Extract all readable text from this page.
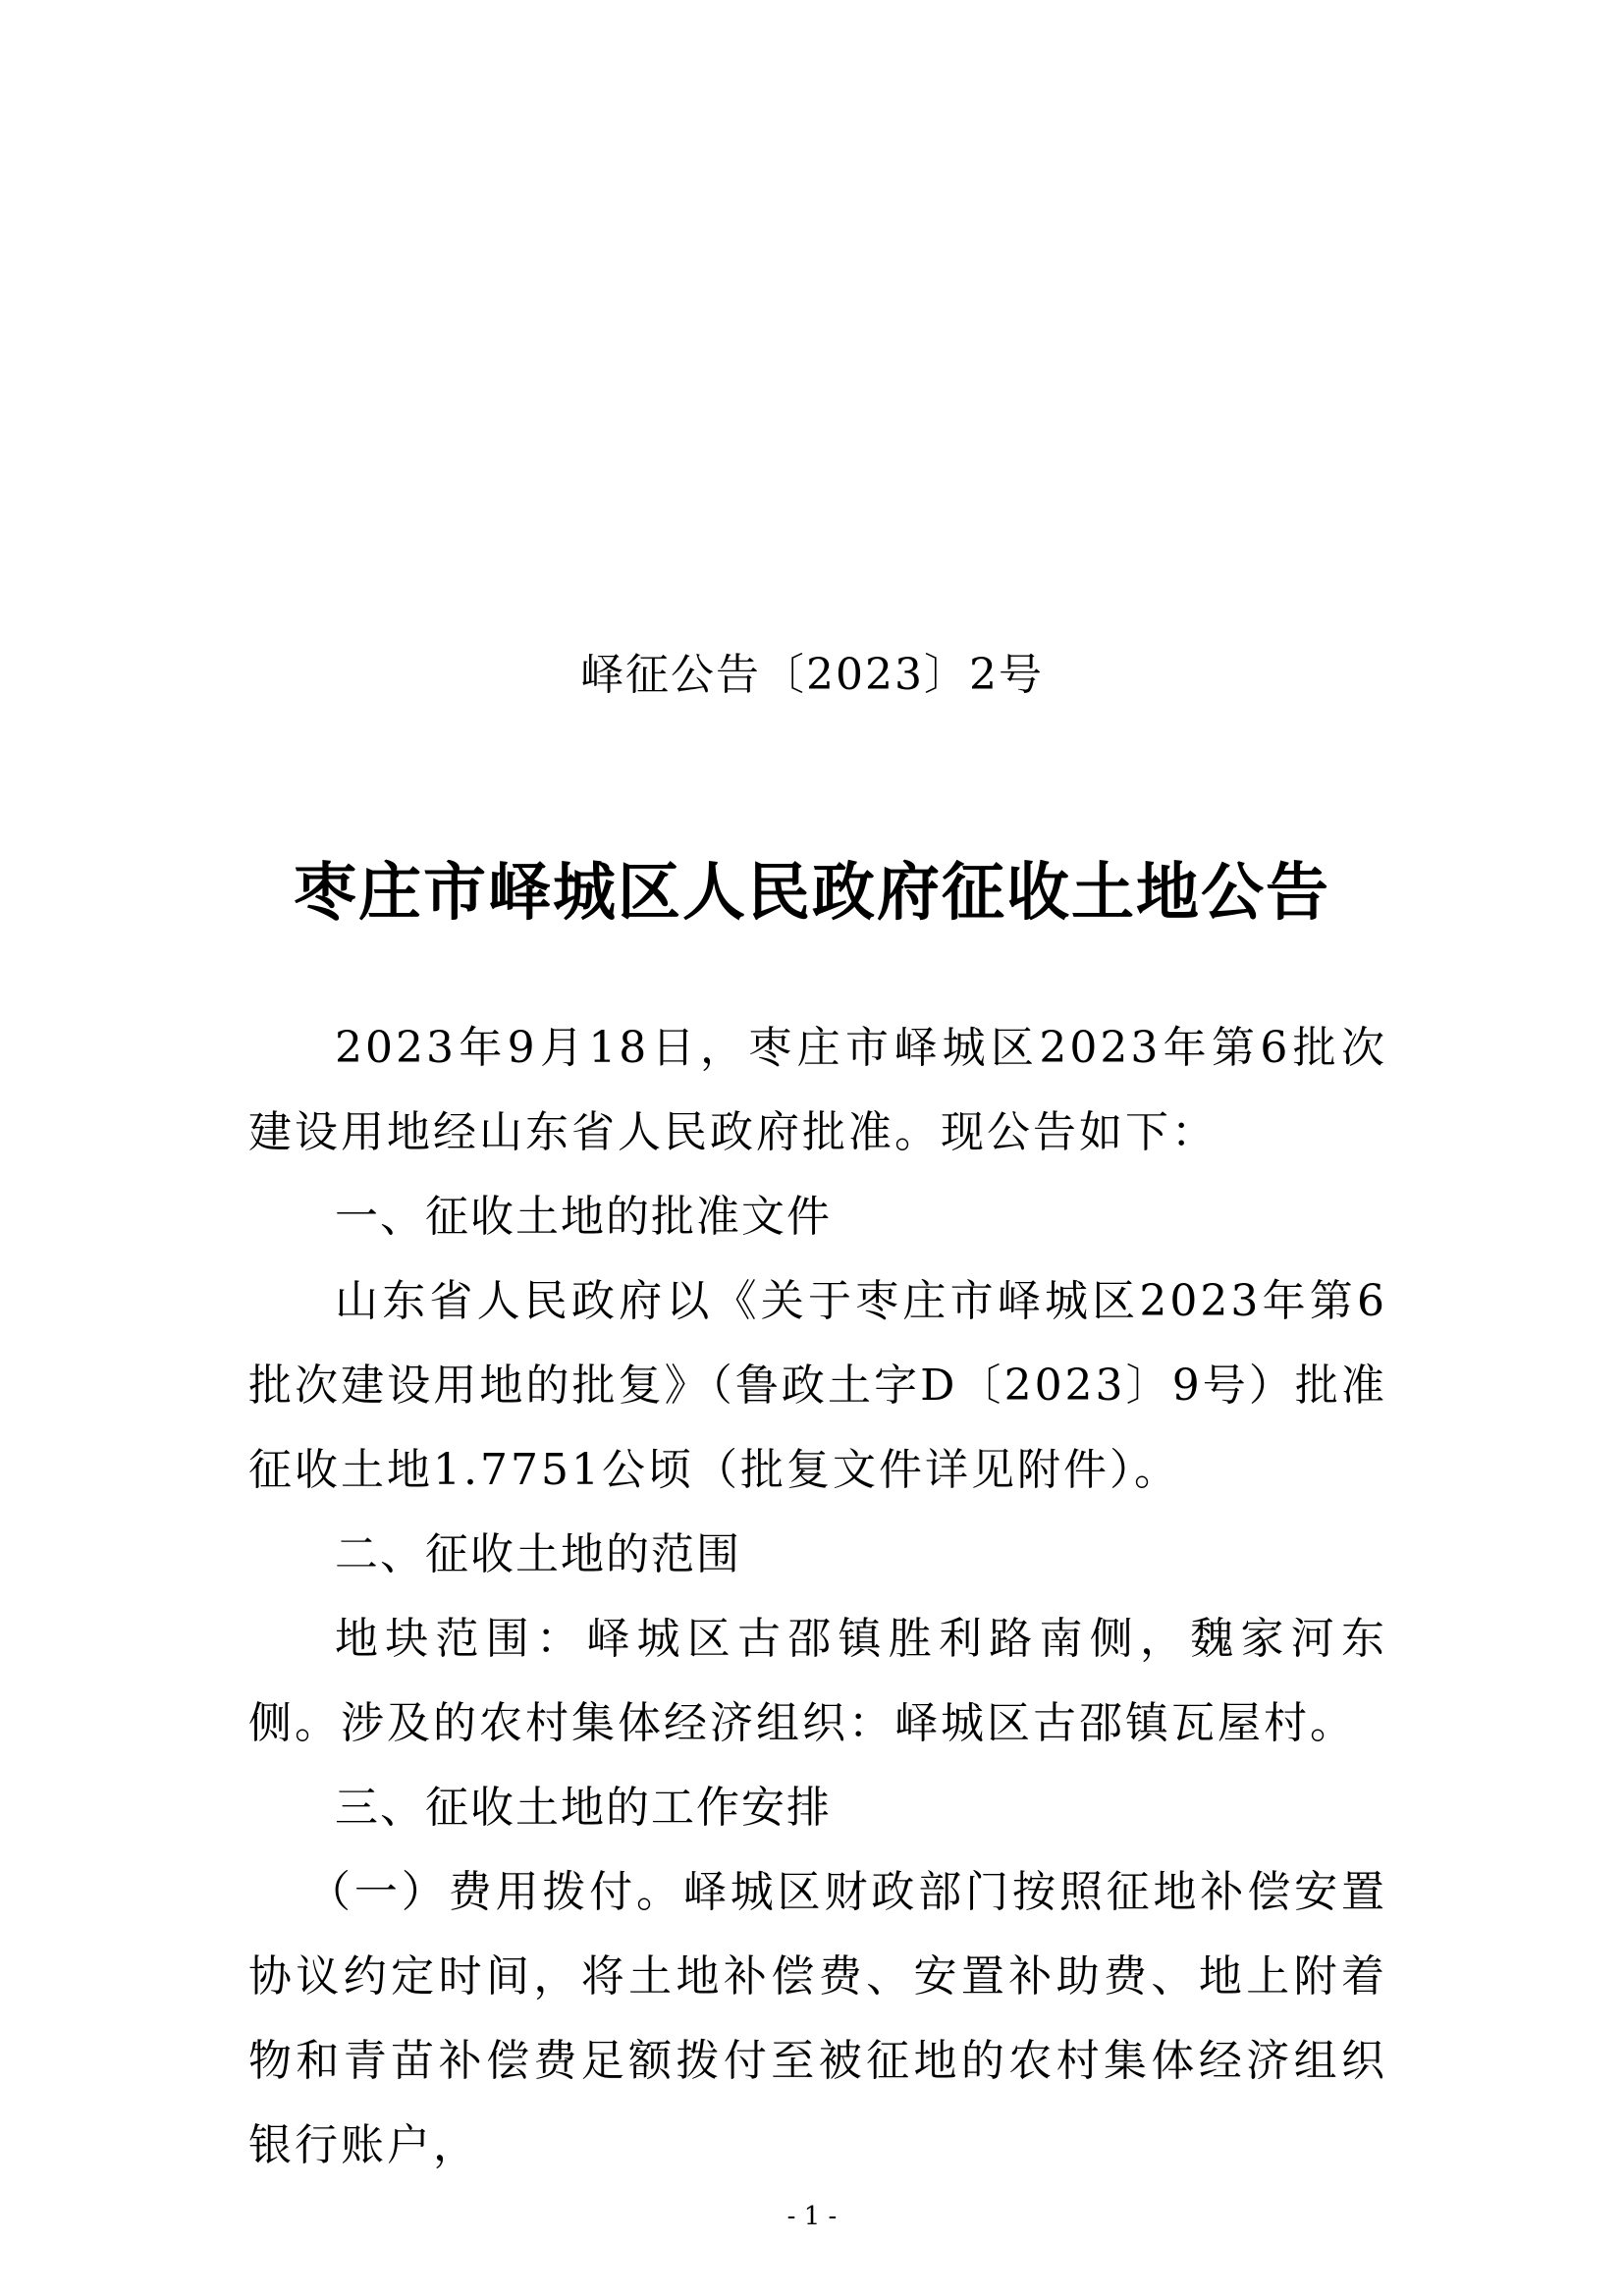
峄征公告〔2023〕2号
枣庄市峄城区人民政府征收土地公告

2023年9月18日，枣庄市峄城区2023年第6批次建设用地经山东省人民政府批准。现公告如下：

一、征收土地的批准文件

山东省人民政府以《关于枣庄市峄城区2023年第6批次建设用地的批复》（鲁政土字D〔2023〕9号）批准征收土地1.7751公顷（批复文件详见附件）。

二、征收土地的范围

地块范围：峄城区古邵镇胜利路南侧，魏家河东侧。涉及的农村集体经济组织：峄城区古邵镇瓦屋村。

三、征收土地的工作安排

（一）费用拨付。峄城区财政部门按照征地补偿安置协议约定时间，将土地补偿费、安置补助费、地上附着物和青苗补偿费足额拨付至被征地的农村集体经济组织银行账户，

- 1 -
